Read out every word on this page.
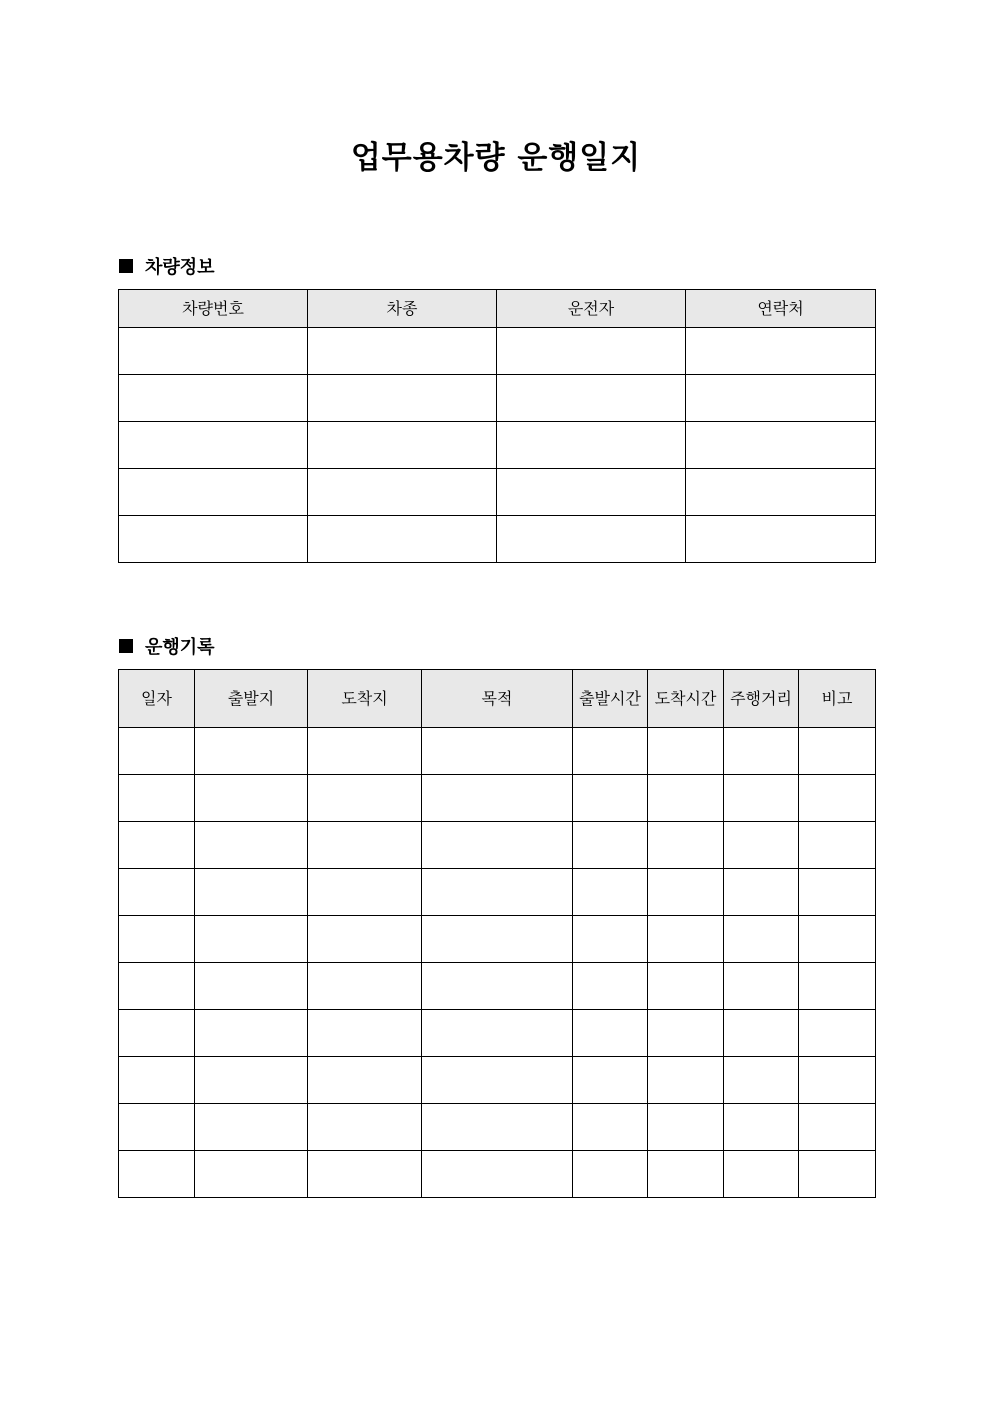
업무용차량 운행일지
차량정보
차량번호	차종	운전자	연락처

운행기록
일자	출발지	도착지	목적	출발시간	도착시간	주행거리	비고
